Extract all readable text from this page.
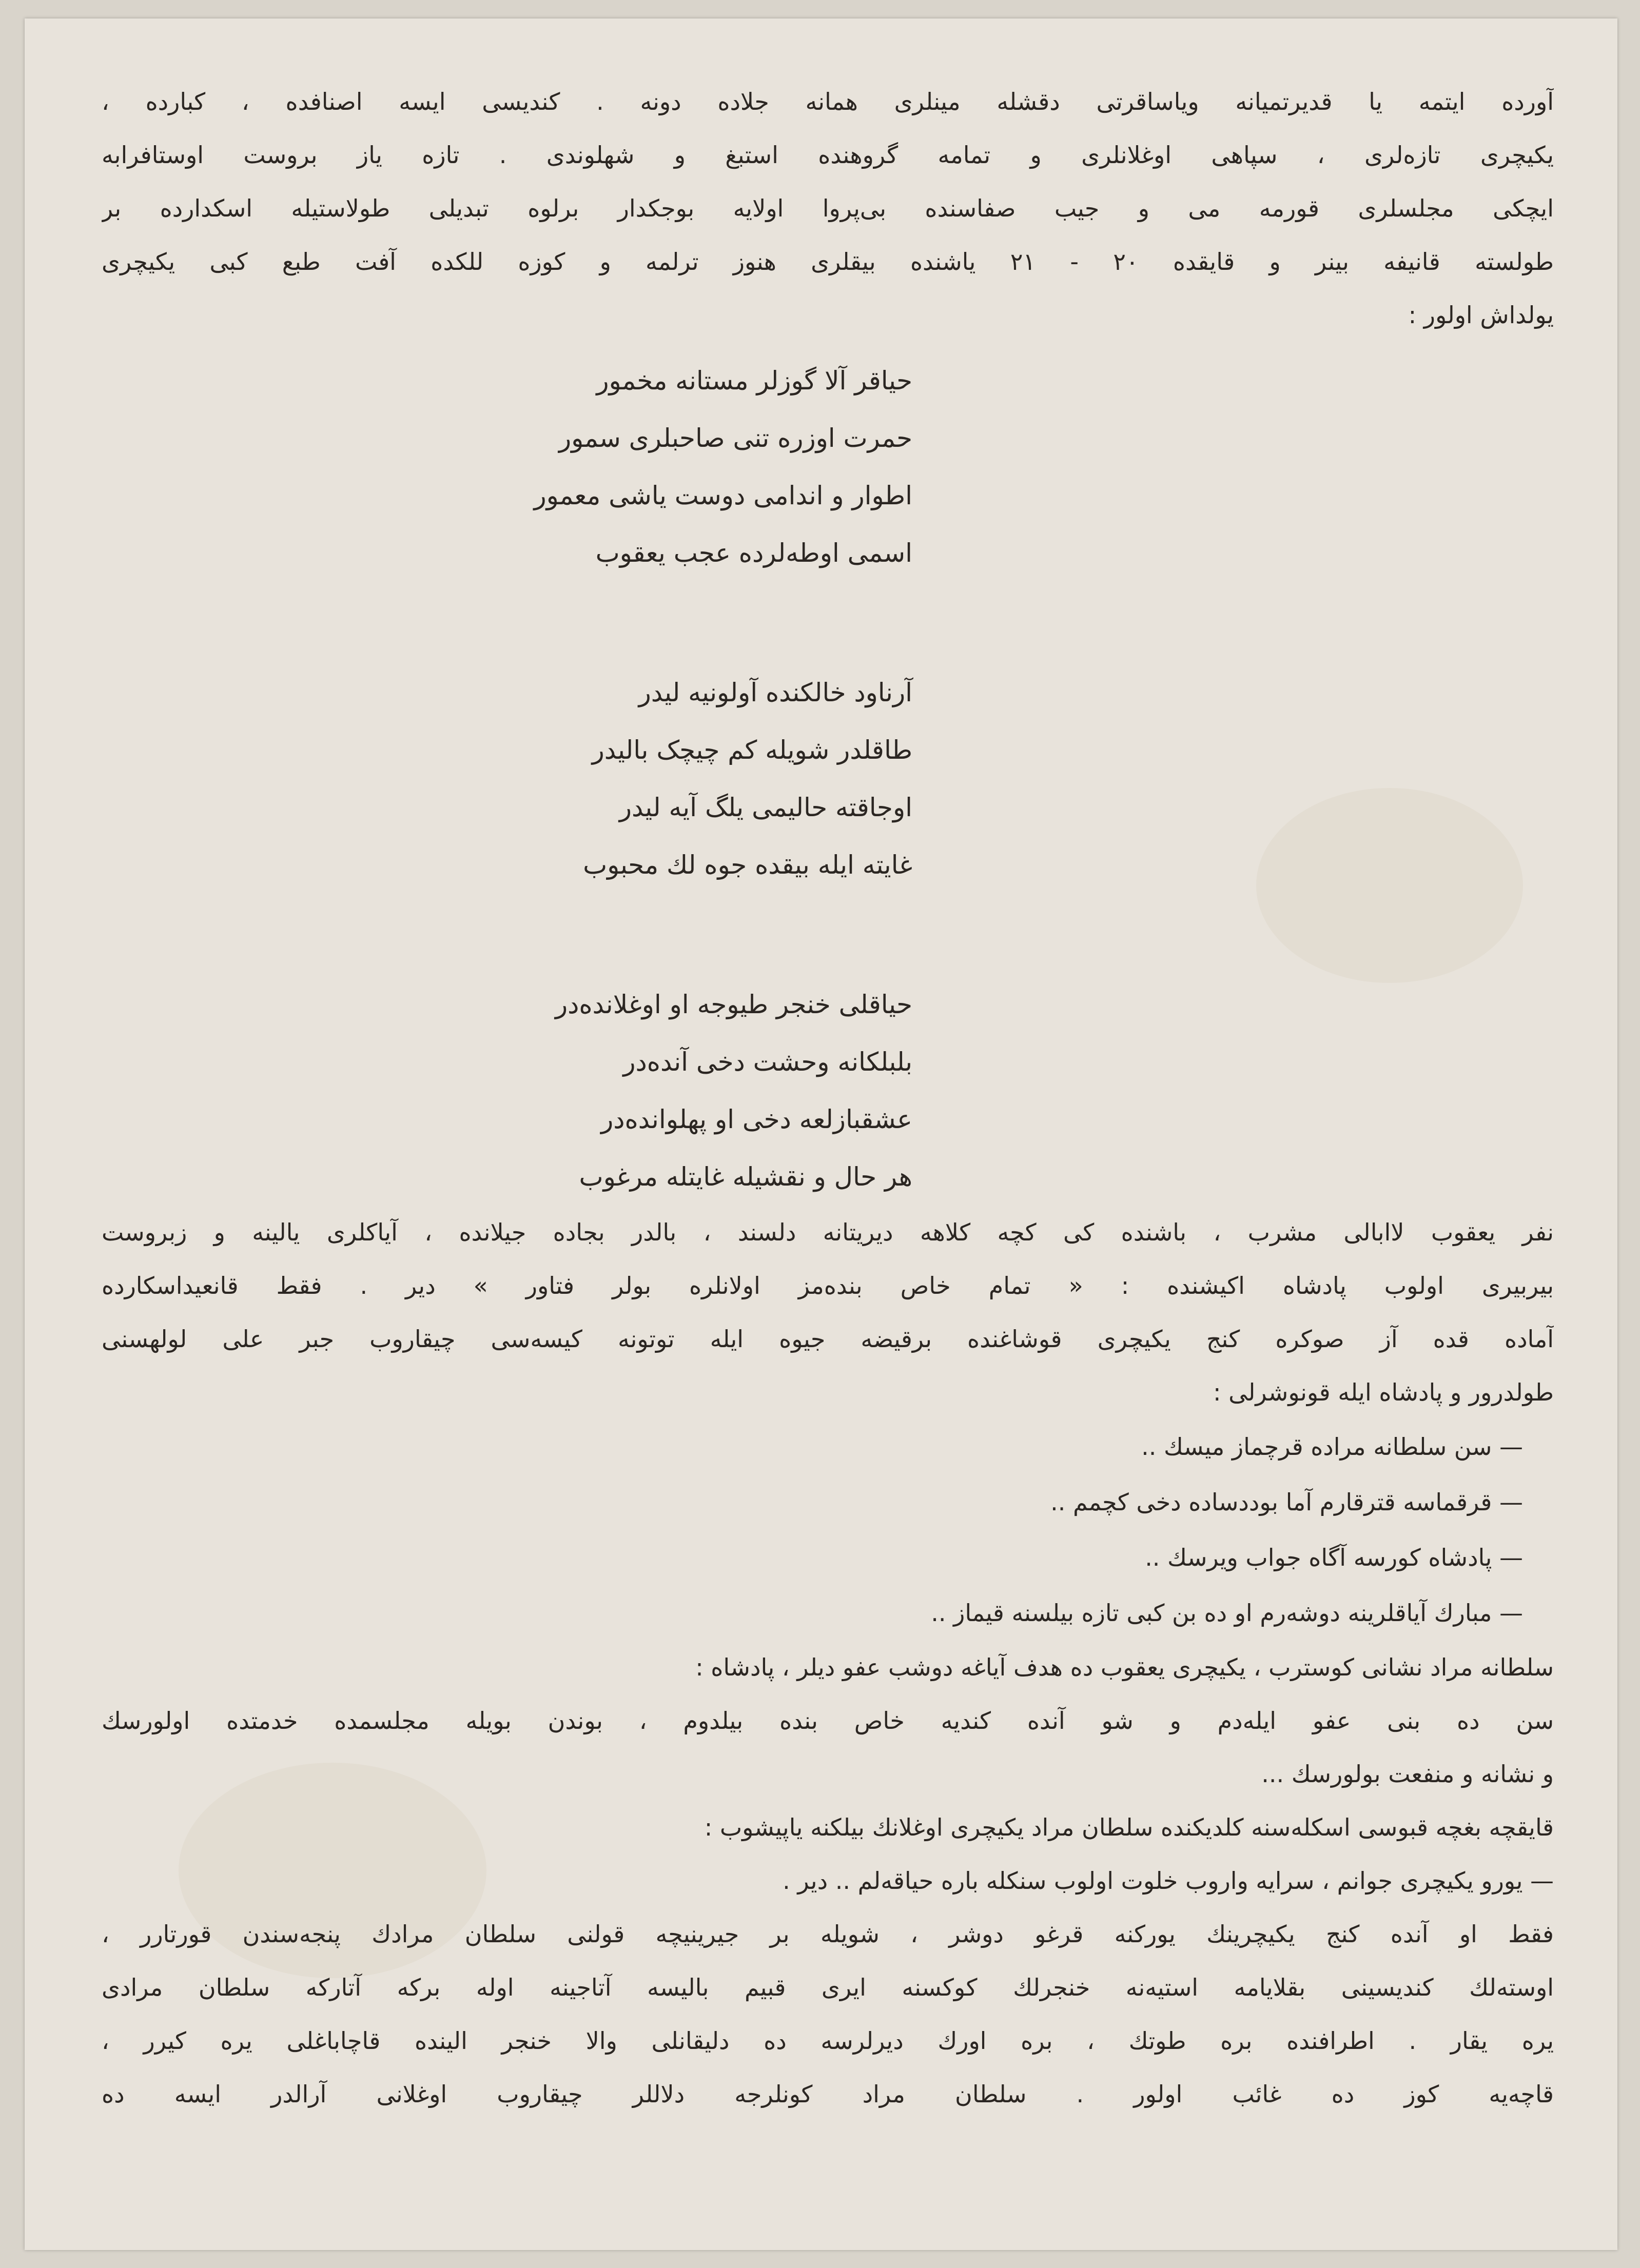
آورده ایتمه یا قدیرتمیانه ویاساقرتی دقشله مینلری همانه جلاده دونه . کندیسی ایسه اصنافده ، کبارده ،
یکیچری تازه‌لری ، سپاهی اوغلانلری و تمامه گروهنده استبغ و شهلوندی . تازه یاز بروست اوستافرابه
ایچکی مجلسلری قورمه می و جیب صفاسنده بی‌پروا اولایه بوجکدار برلوه تبدیلی طولاستیله اسکدارده بر
طولسته قانیفه بینر و قایقده ۲۰ - ۲۱ یاشنده بیقلری هنوز ترلمه و کوزه للکده آفت طبع کبی یکیچری
یولداش اولور :
حیاقر آلا گوزلر مستانه مخمور
حمرت اوزره تنی صاحبلری سمور
اطوار و اندامی دوست یاشی معمور
اسمی اوطه‌لرده عجب یعقوب
آرناود خالکنده آولونیه لیدر
طاقلدر شویله کم چیچک بالیدر
اوجاقته حالیمی یلگ آیه لیدر
غایته ایله بیقده جوه لك محبوب
حیاقلی خنجر طیوجه او اوغلانده‌در
بلبلکانه وحشت دخی آنده‌در
عشقبازلعه دخی او پهلوانده‌در
هر حال و نقشیله غایتله مرغوب
نفر یعقوب لاابالی مشرب ، باشنده کی کچه کلاهه دیریتانه دلسند ، بالدر بجاده جیلانده ، آیاکلری یالینه و زبروست
بیربیری اولوب پادشاه اکیشنده : « تمام خاص بنده‌مز اولانلره بولر فتاور » دیر . فقط قانعیداسکارده
آماده قده آز صوکره کنج یکیچری قوشاغنده برقیضه جیوه ایله توتونه کیسه‌سی چیقاروب جبر علی لولهسنی
طولدرور و پادشاه ایله قونوشرلی :
— سن سلطانه مراده قرچماز میسك ..
— قرقماسه قترقارم آما بوددساده دخی کچمم ..
— پادشاه کورسه آگاه جواب ویرسك ..
— مبارك آیاقلرینه دوشه‌رم او ده بن کبی تازه بیلسنه قیماز ..
سلطانه مراد نشانی کوسترب ، یکیچری یعقوب ده هدف آیاغه دوشب عفو دیلر ، پادشاه :
سن ده بنی عفو ایله‌دم و شو آنده کندیه خاص بنده بیلدوم ، بوندن بویله مجلسمده خدمتده اولورسك
و نشانه و منفعت بولورسك ...
قایقچه بغچه قبوسی اسکله‌سنه کلدیکنده سلطان مراد یکیچری اوغلانك بیلکنه یاپیشوب :
— یورو یکیچری جوانم ، سرایه واروب خلوت اولوب سنکله باره حیاقه‌لم .. دیر .
فقط او آنده کنج یکیچرینك یورکنه قرغو دوشر ، شویله بر جیرینیچه قولنی سلطان مرادك پنجه‌سندن قورتارر ،
اوسته‌لك کندیسینی بقلایامه استیه‌نه خنجرلك کوکسنه ایری قبیم بالیسه آتاجینه اوله برکه آتارکه سلطان مرادی
یره یقار . اطرافنده بره طوتك ، بره اورك دیرلرسه ده دلیقانلی والا خنجر الینده قاچاباغلی یره کیرر ،
قاچه‌یه کوز ده غائب اولور . سلطان مراد کونلرجه دلاللر چیقاروب اوغلانی آرالدر ایسه ده
